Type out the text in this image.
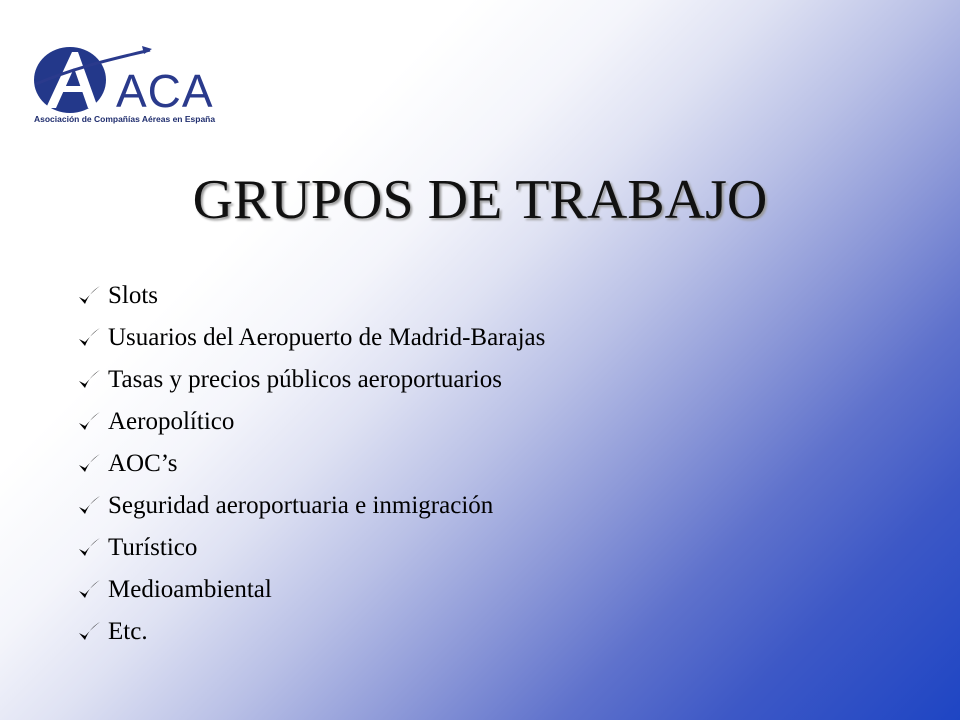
ACA
Asociación de Compañías Aéreas en España
GRUPOS DE TRABAJO
Slots
Usuarios del Aeropuerto de Madrid-Barajas
Tasas y precios públicos aeroportuarios
Aeropolítico
AOC’s
Seguridad aeroportuaria e inmigración
Turístico
Medioambiental
Etc.
